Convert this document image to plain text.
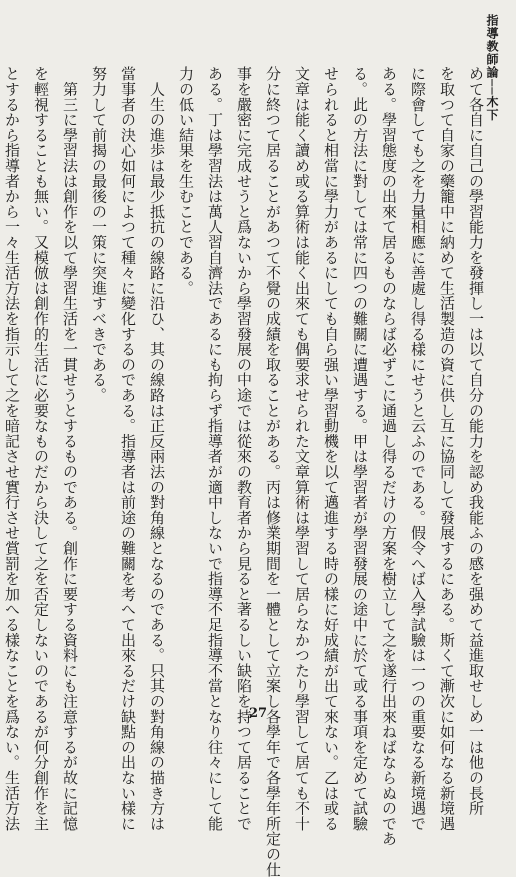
指導教師論──木下
めて各自に自己の學習能力を發揮し一は以て自分の能力を認め我能ふの感を强めて益進取せしめ一は他の長所
を取つて自家の藥籠中に納めて生活製造の資に供し互に協同して發展するにある。斯くて漸次に如何なる新境遇
に際會しても之を力量相應に善處し得る樣にせうと云ふのである。假令へば入學試驗は一つの重要なる新境遇で
ある。學習態度の出來て居るものならば必ずこに通過し得るだけの方案を樹立して之を遂行出來ねばならぬのであ
る。此の方法に對しては常に四つの難關に遭遇する。甲は學習者が學習發展の途中に於て或る事項を定めて試驗
せられると相當に學力があるにしても自ら强い學習動機を以て邁進する時の樣に好成績が出て來ない。乙は或る
文章は能く讀め或る算術は能く出來ても偶要求せられた文章算術は學習して居らなかつたり學習して居ても不十
分に終つて居ることがあつて不覺の成績を取ることがある。丙は修業期間を一體として立案し各學年で各學年所定の仕
事を嚴密に完成せうと爲ないから學習發展の中途では從來の教育者から見ると著るしい缺陷を持つて居ることで
ある。丁は學習法は萬人習自濟法であるにも拘らず指導者が適中しないで指導不足指導不當となり往々にして能
力の低い結果を生むことである。
　人生の進歩は最少抵抗の線路に沿ひ、其の線路は正反兩法の對角線となるのである。只其の對角線の描き方は
當事者の決心如何によつて種々に變化するのである。指導者は前途の難關を考へて出來るだけ缺點の出ない樣に
努力して前揭の最後の一策に突進すべきである。
　第三に學習法は創作を以て學習生活を一貫せうとするものである。創作に要する資料にも注意するが故に記憶
を輕視することも無い。又模倣は創作的生活に必要なものだから決して之を否定しないのであるが何分創作を主
とするから指導者から一々生活方法を指示して之を暗記させ實行させ賞罰を加へる樣なことを爲ない。生活方法	27
